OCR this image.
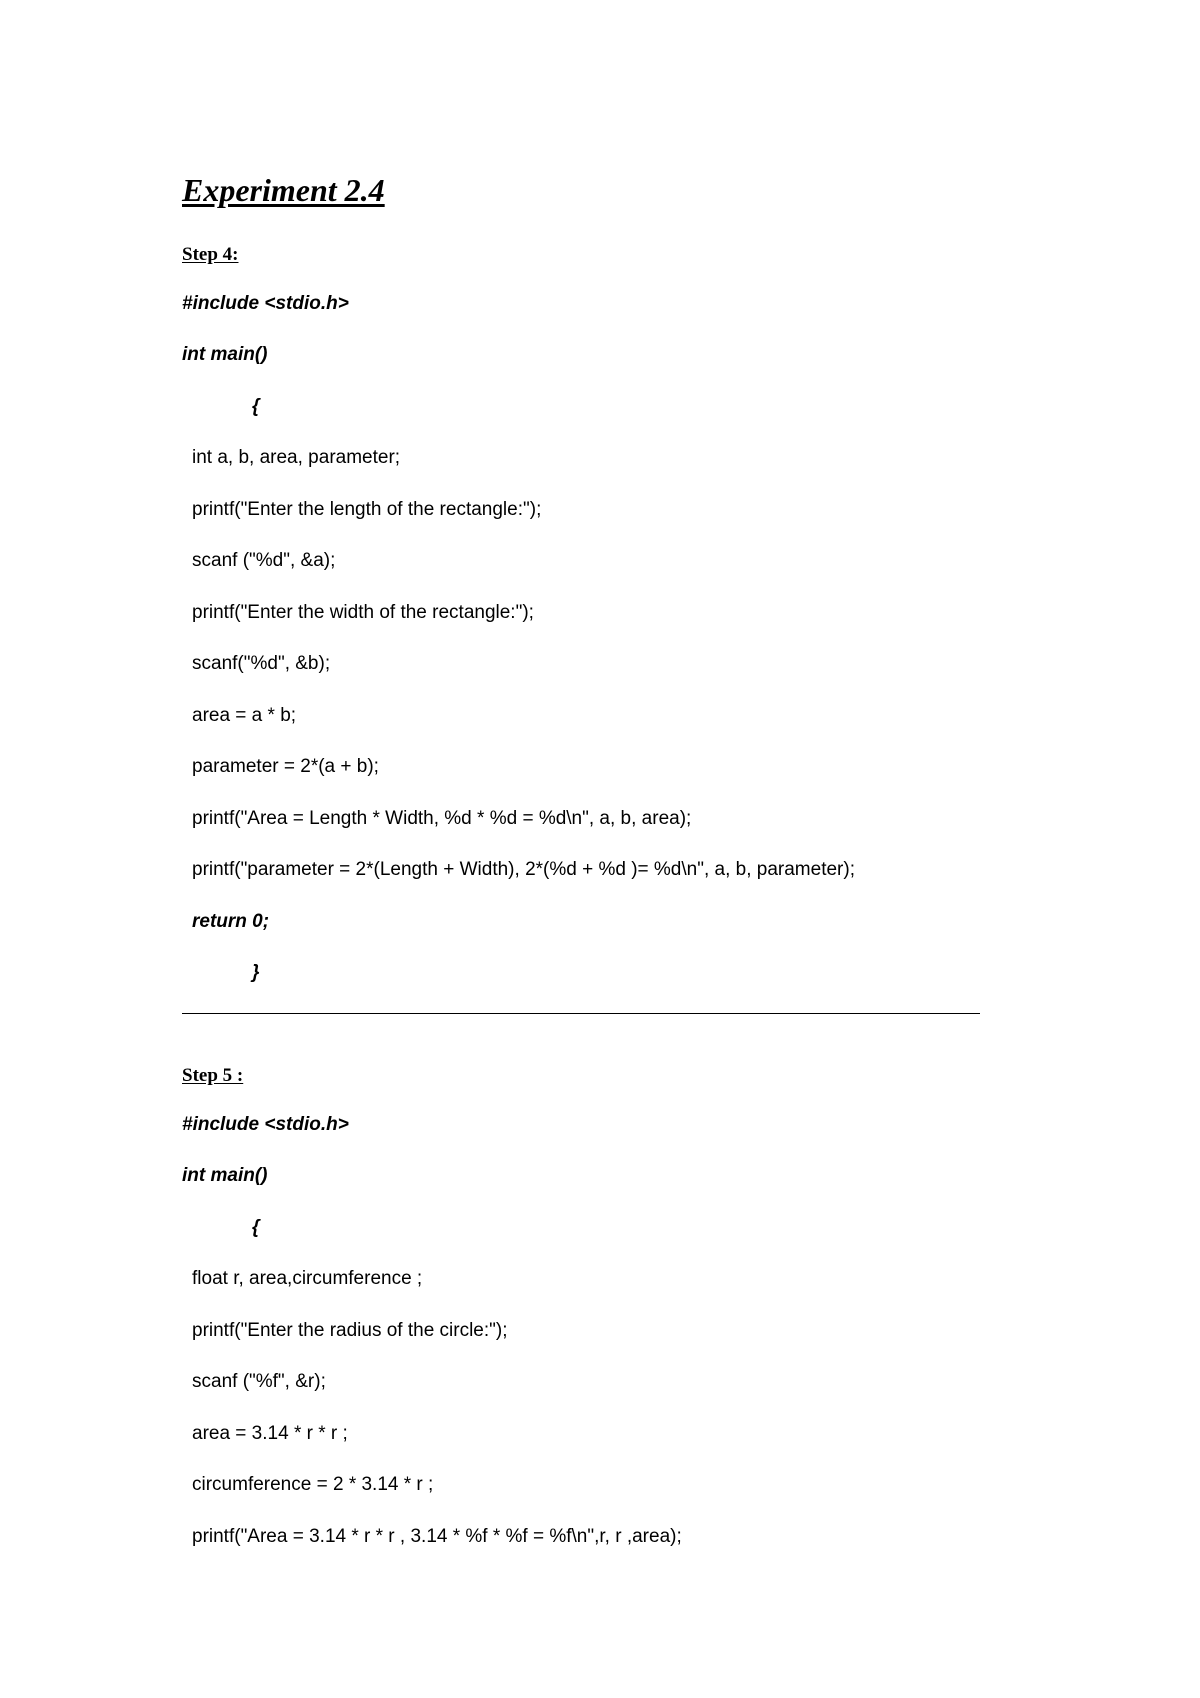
Experiment 2.4
Step 4:
#include <stdio.h>
int main()
{
int a, b, area, parameter;
printf("Enter the length of the rectangle:");
scanf ("%d", &a);
printf("Enter the width of the rectangle:");
scanf("%d", &b);
area = a * b;
parameter = 2*(a + b);
printf("Area = Length * Width, %d * %d = %d\n", a, b, area);
printf("parameter = 2*(Length + Width), 2*(%d + %d )= %d\n", a, b, parameter);
return 0;
}
Step 5 :
#include <stdio.h>
int main()
{
float r, area,circumference ;
printf("Enter the radius of the circle:");
scanf ("%f", &r);
area = 3.14 * r * r ;
circumference = 2 * 3.14 * r ;
printf("Area = 3.14 * r * r , 3.14 * %f * %f = %f\n",r, r ,area);
